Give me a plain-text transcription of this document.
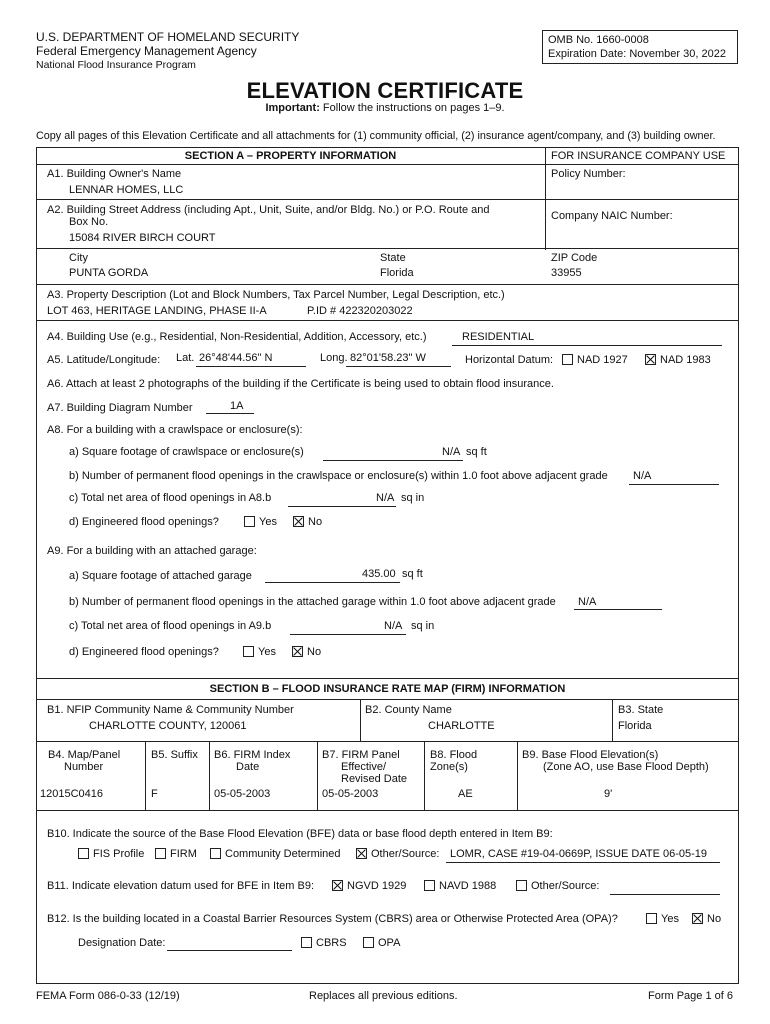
U.S. DEPARTMENT OF HOMELAND SECURITY
Federal Emergency Management Agency
National Flood Insurance Program
OMB No. 1660-0008
Expiration Date: November 30, 2022
ELEVATION CERTIFICATE
Important: Follow the instructions on pages 1–9.
Copy all pages of this Elevation Certificate and all attachments for (1) community official, (2) insurance agent/company, and (3) building owner.
SECTION A – PROPERTY INFORMATION	FOR INSURANCE COMPANY USE
A1. Building Owner's Name
LENNAR HOMES, LLC
Policy Number:
A2. Building Street Address (including Apt., Unit, Suite, and/or Bldg. No.) or P.O. Route and
Box No.
15084 RIVER BIRCH COURT
Company NAIC Number:
City
PUNTA GORDA
State
Florida
ZIP Code
33955
A3. Property Description (Lot and Block Numbers, Tax Parcel Number, Legal Description, etc.)
LOT 463, HERITAGE LANDING, PHASE II-A	P.ID # 422320203022
A4. Building Use (e.g., Residential, Non-Residential, Addition, Accessory, etc.)	RESIDENTIAL
A5. Latitude/Longitude: Lat. 26°48'44.56" N	Long. 82°01'58.23" W	Horizontal Datum:	NAD 1927	NAD 1983
A6. Attach at least 2 photographs of the building if the Certificate is being used to obtain flood insurance.
A7. Building Diagram Number	1A
A8. For a building with a crawlspace or enclosure(s):
a) Square footage of crawlspace or enclosure(s)	N/A sq ft
b) Number of permanent flood openings in the crawlspace or enclosure(s) within 1.0 foot above adjacent grade N/A
c) Total net area of flood openings in A8.b	N/A sq in
d) Engineered flood openings?	Yes	No
A9. For a building with an attached garage:
a) Square footage of attached garage	435.00 sq ft
b) Number of permanent flood openings in the attached garage within 1.0 foot above adjacent grade N/A
c) Total net area of flood openings in A9.b	N/A sq in
d) Engineered flood openings?	Yes	No
SECTION B – FLOOD INSURANCE RATE MAP (FIRM) INFORMATION
B1. NFIP Community Name & Community Number
CHARLOTTE COUNTY, 120061
B2. County Name
CHARLOTTE
B3. State
Florida
B4. Map/Panel
Number
12015C0416
B5. Suffix
F
B6. FIRM Index
Date
05-05-2003
B7. FIRM Panel
Effective/
Revised Date
05-05-2003
B8. Flood
Zone(s)
AE
B9. Base Flood Elevation(s)
(Zone AO, use Base Flood Depth)
9'
B10. Indicate the source of the Base Flood Elevation (BFE) data or base flood depth entered in Item B9:
FIS Profile	FIRM	Community Determined	Other/Source: LOMR, CASE #19-04-0669P, ISSUE DATE 06-05-19
B11. Indicate elevation datum used for BFE in Item B9:	NGVD 1929	NAVD 1988	Other/Source:
B12. Is the building located in a Coastal Barrier Resources System (CBRS) area or Otherwise Protected Area (OPA)?	Yes	No
Designation Date:	CBRS	OPA
FEMA Form 086-0-33 (12/19)	Replaces all previous editions.	Form Page 1 of 6
